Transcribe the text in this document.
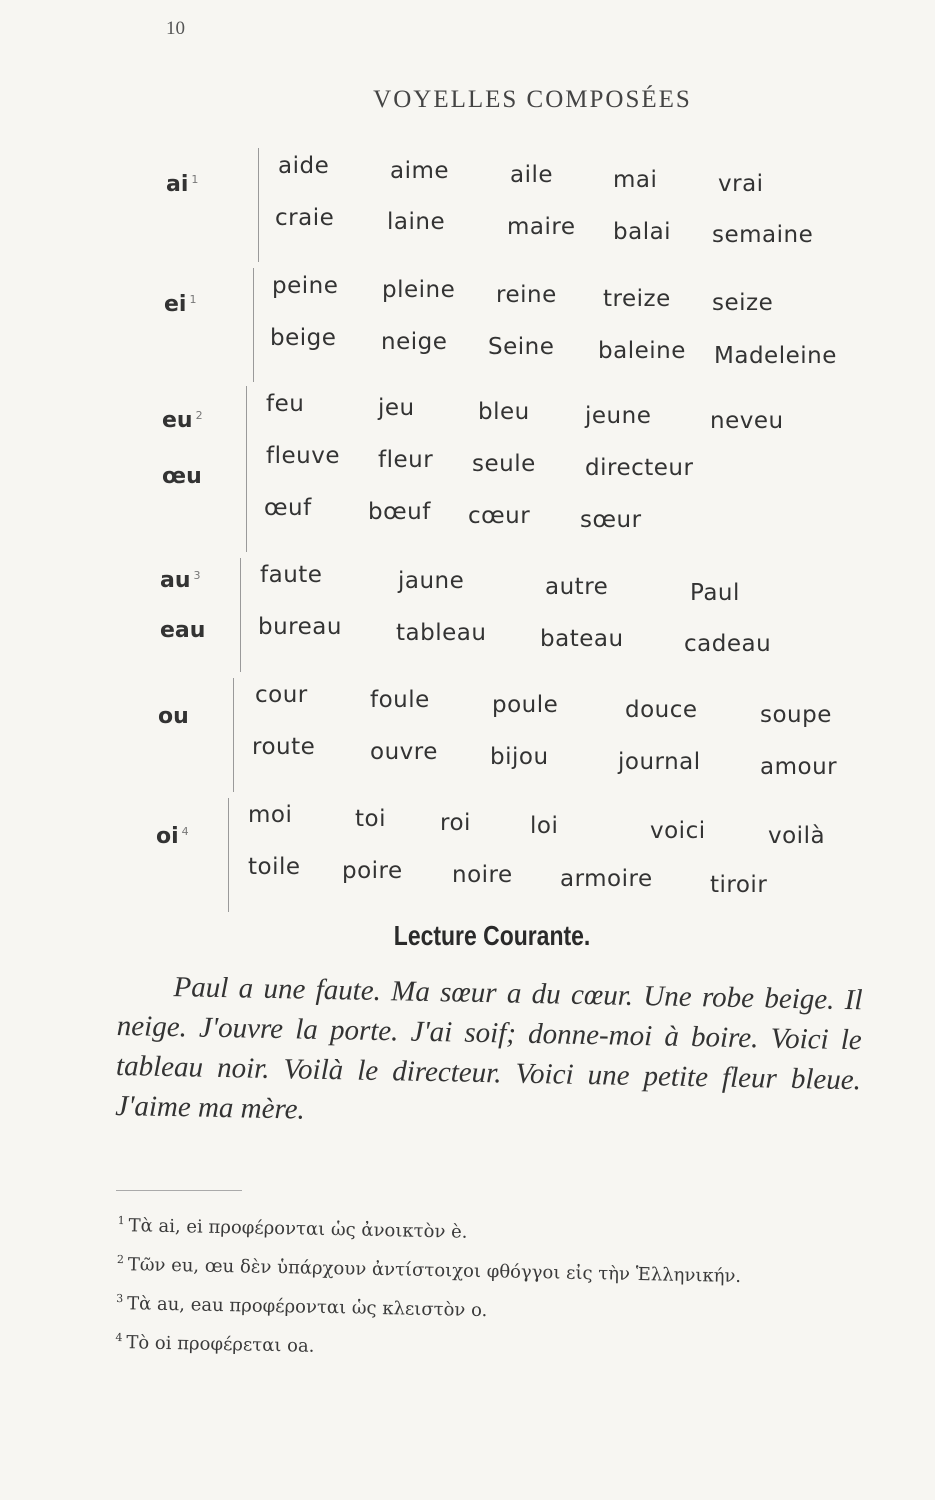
10
VOYELLES COMPOSÉES
ai $^1$
aide	aime	aile	mai	vrai
craie laine	maire balai semaine
ei $^1$
peine pleine reine treize seize
beige neige Seine baleine Madeleine
eu $^2$
œu
feu	jeu	bleu jeune	neveu
fleuve fleur seule directeur
œuf bœuf cœur sœur
au $^3$
eau
faute	jaune	autre	Paul
bureau tableau bateau	cadeau
ou
cour	foule	poule	douce	soupe
route ouvre bijou	journal	amour
oi $^4$
moi	toi roi	loi	voici	voilà
toile poire noire armoire tiroir
Lecture Courante.
Paul a une faute. Ma sœur a du cœur. Une robe beige. Il neige. J'ouvre la porte. J'ai soif; donne-moi à boire. Voici le tableau noir. Voilà le directeur. Voici une petite fleur bleue. J'aime ma mère.
$^1$ Τὰ ai, ei προφέρονται ὡς ἀνοικτὸν è.
$^2$ Τῶν eu, œu δὲν ὑπάρχουν ἀντίστοιχοι φθόγγοι εἰς τὴν Ἑλληνικήν.
$^3$ Τὰ au, eau προφέρονται ὡς κλειστὸν o.
$^4$ Τὸ oi προφέρεται oa.
